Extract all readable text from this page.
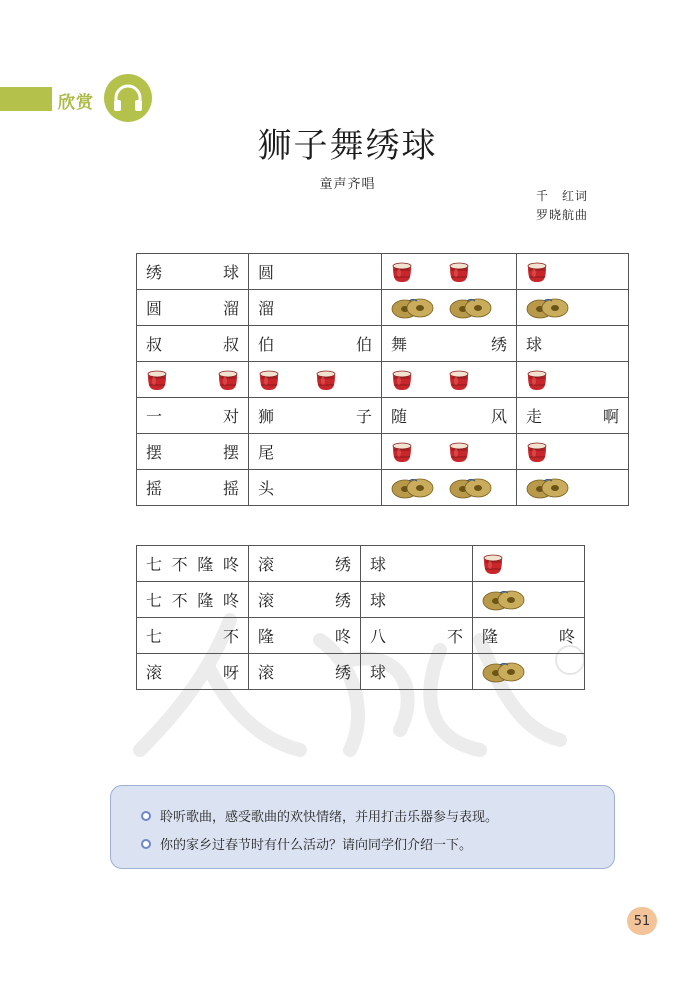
欣赏
狮子舞绣球
童声齐唱
千　红词
罗晓航曲
绣 球	圆

圆 溜	溜

叔 叔	伯 伯	舞 绣	球

一 对	狮 子	随 风	走 啊

摆 摆	尾

摇 摇	头

七 不 隆 咚	滚 绣	球

七 不 隆 咚	滚 绣	球

七 不	隆 咚	八 不	隆 咚

滚 呀	滚 绣	球

聆听歌曲，感受歌曲的欢快情绪，并用打击乐器参与表现。
你的家乡过春节时有什么活动？请向同学们介绍一下。
51
